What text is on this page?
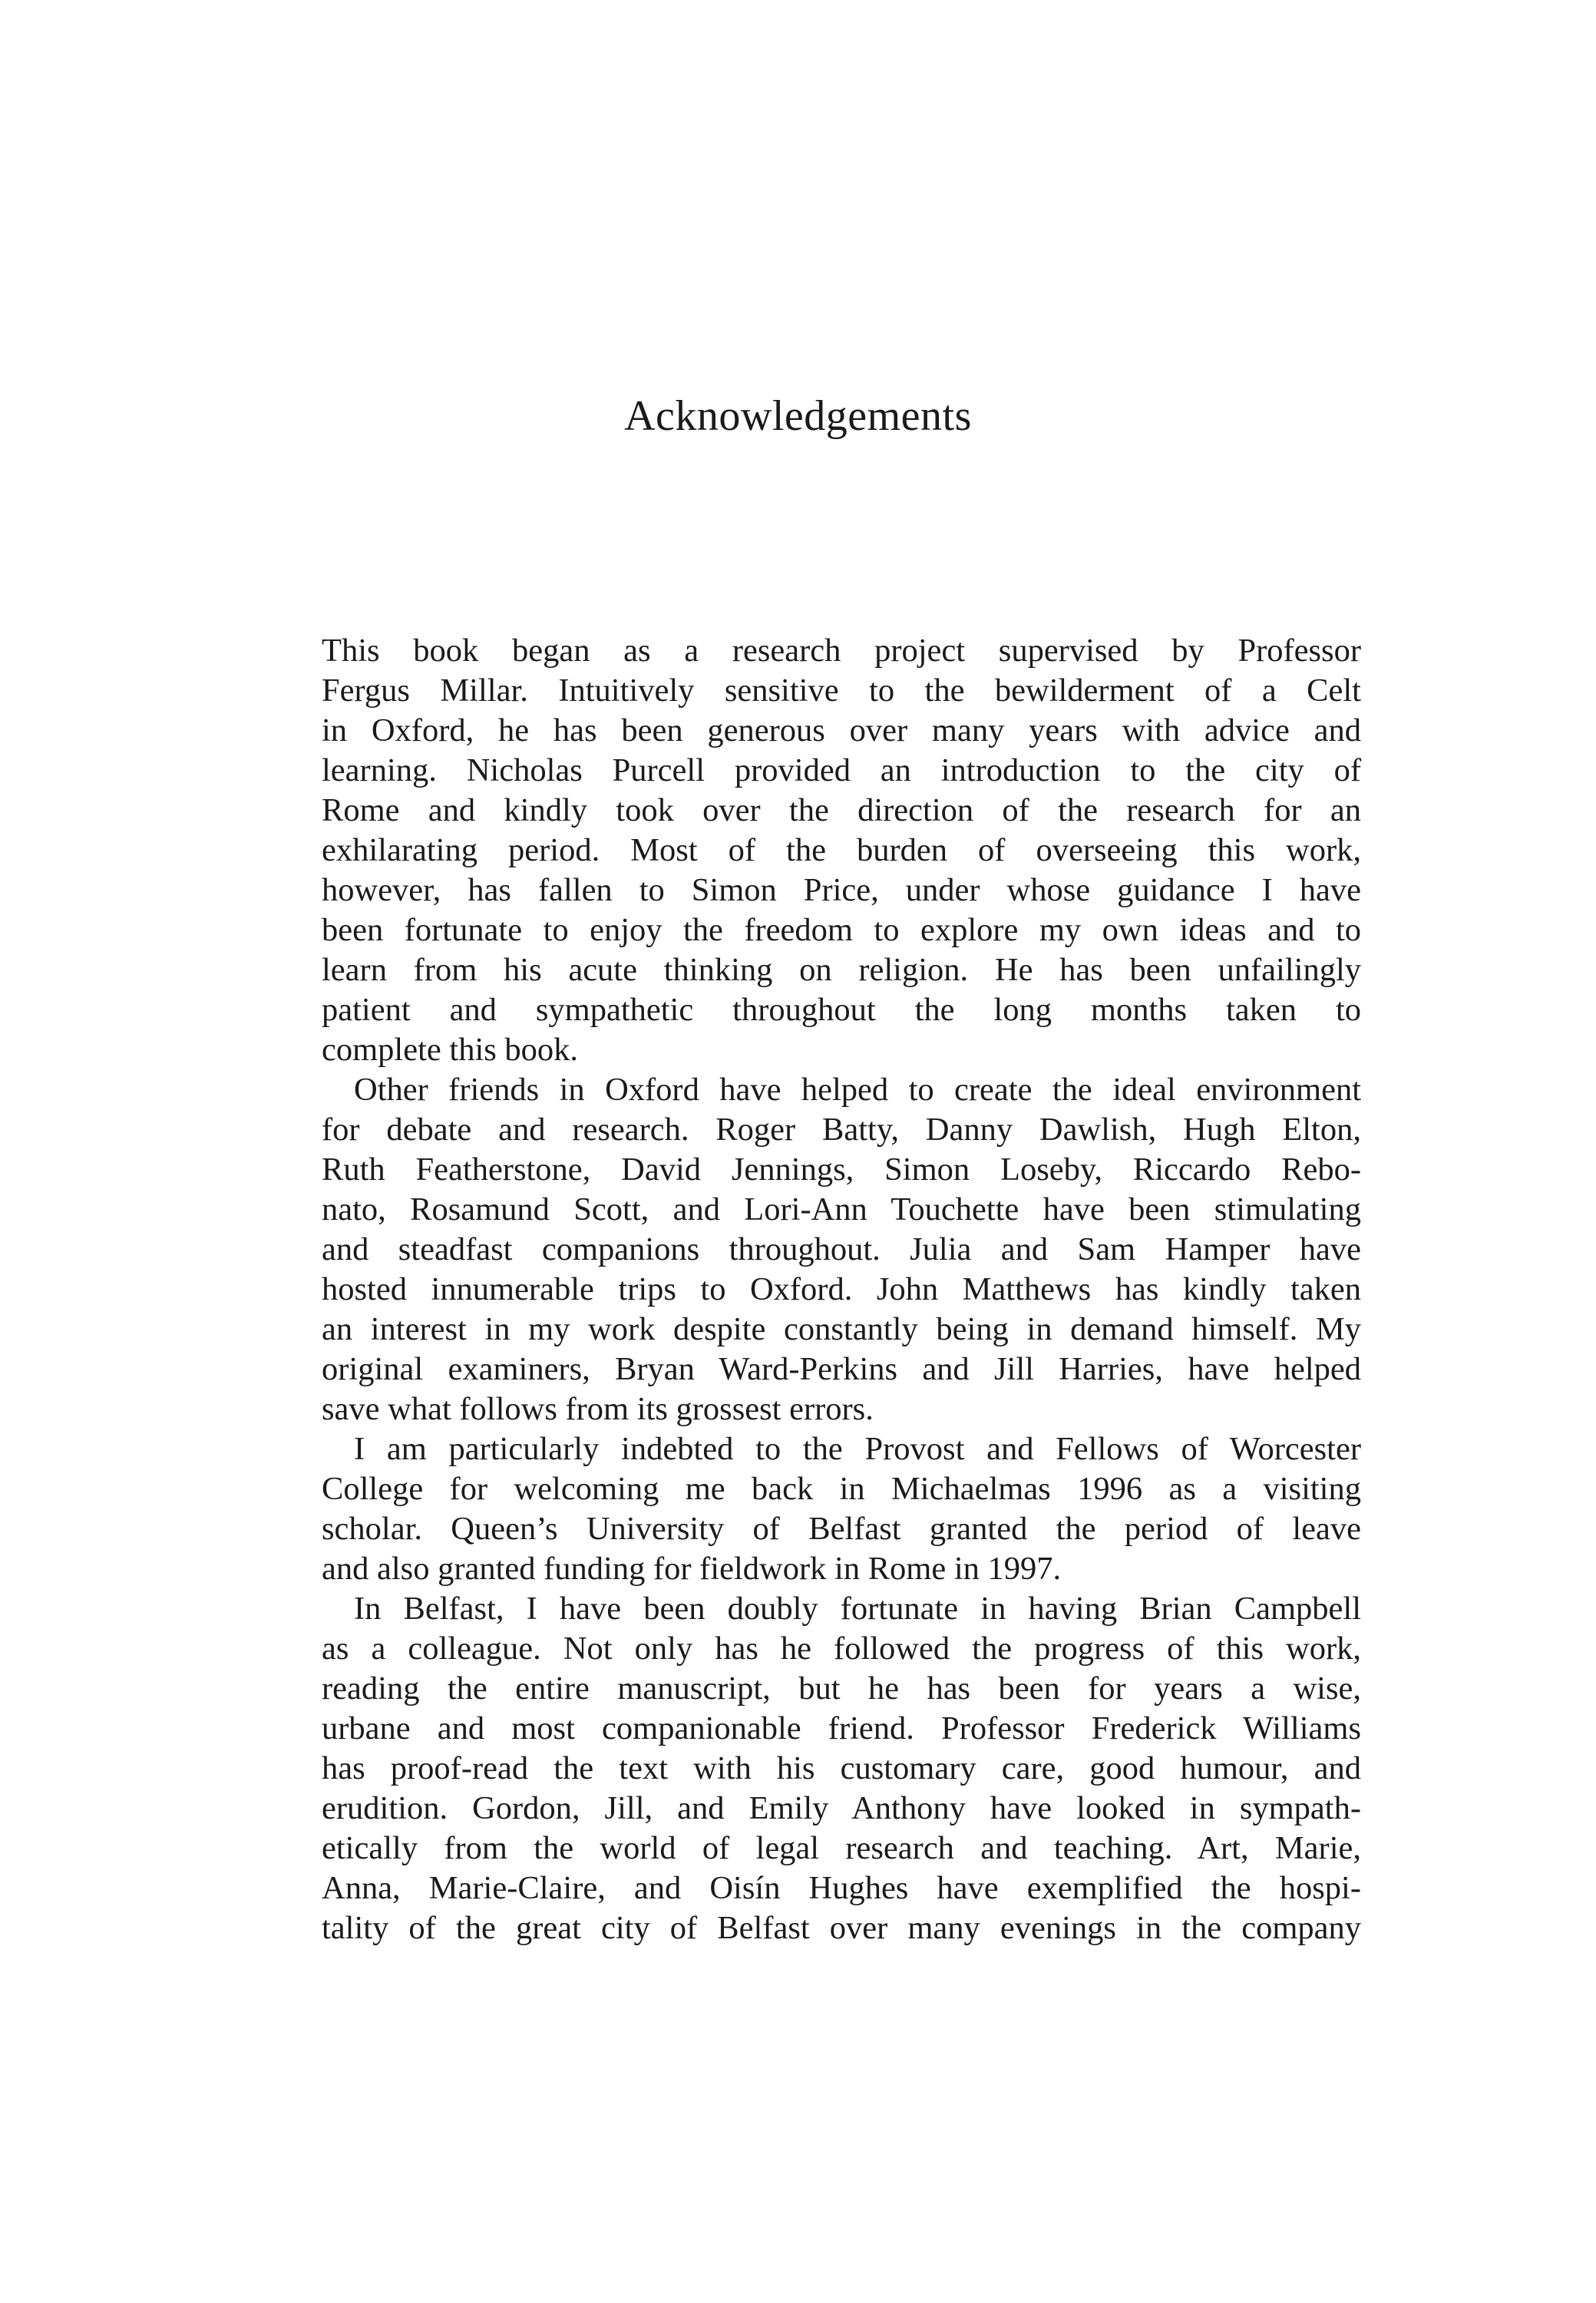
Acknowledgements
This book began as a research project supervised by Professor
Fergus Millar. Intuitively sensitive to the bewilderment of a Celt
in Oxford, he has been generous over many years with advice and
learning. Nicholas Purcell provided an introduction to the city of
Rome and kindly took over the direction of the research for an
exhilarating period. Most of the burden of overseeing this work,
however, has fallen to Simon Price, under whose guidance I have
been fortunate to enjoy the freedom to explore my own ideas and to
learn from his acute thinking on religion. He has been unfailingly
patient and sympathetic throughout the long months taken to
complete this book.
Other friends in Oxford have helped to create the ideal environment
for debate and research. Roger Batty, Danny Dawlish, Hugh Elton,
Ruth Featherstone, David Jennings, Simon Loseby, Riccardo Rebo-
nato, Rosamund Scott, and Lori-Ann Touchette have been stimulating
and steadfast companions throughout. Julia and Sam Hamper have
hosted innumerable trips to Oxford. John Matthews has kindly taken
an interest in my work despite constantly being in demand himself. My
original examiners, Bryan Ward-Perkins and Jill Harries, have helped
save what follows from its grossest errors.
I am particularly indebted to the Provost and Fellows of Worcester
College for welcoming me back in Michaelmas 1996 as a visiting
scholar. Queen’s University of Belfast granted the period of leave
and also granted funding for fieldwork in Rome in 1997.
In Belfast, I have been doubly fortunate in having Brian Campbell
as a colleague. Not only has he followed the progress of this work,
reading the entire manuscript, but he has been for years a wise,
urbane and most companionable friend. Professor Frederick Williams
has proof-read the text with his customary care, good humour, and
erudition. Gordon, Jill, and Emily Anthony have looked in sympath-
etically from the world of legal research and teaching. Art, Marie,
Anna, Marie-Claire, and Oisín Hughes have exemplified the hospi-
tality of the great city of Belfast over many evenings in the company
